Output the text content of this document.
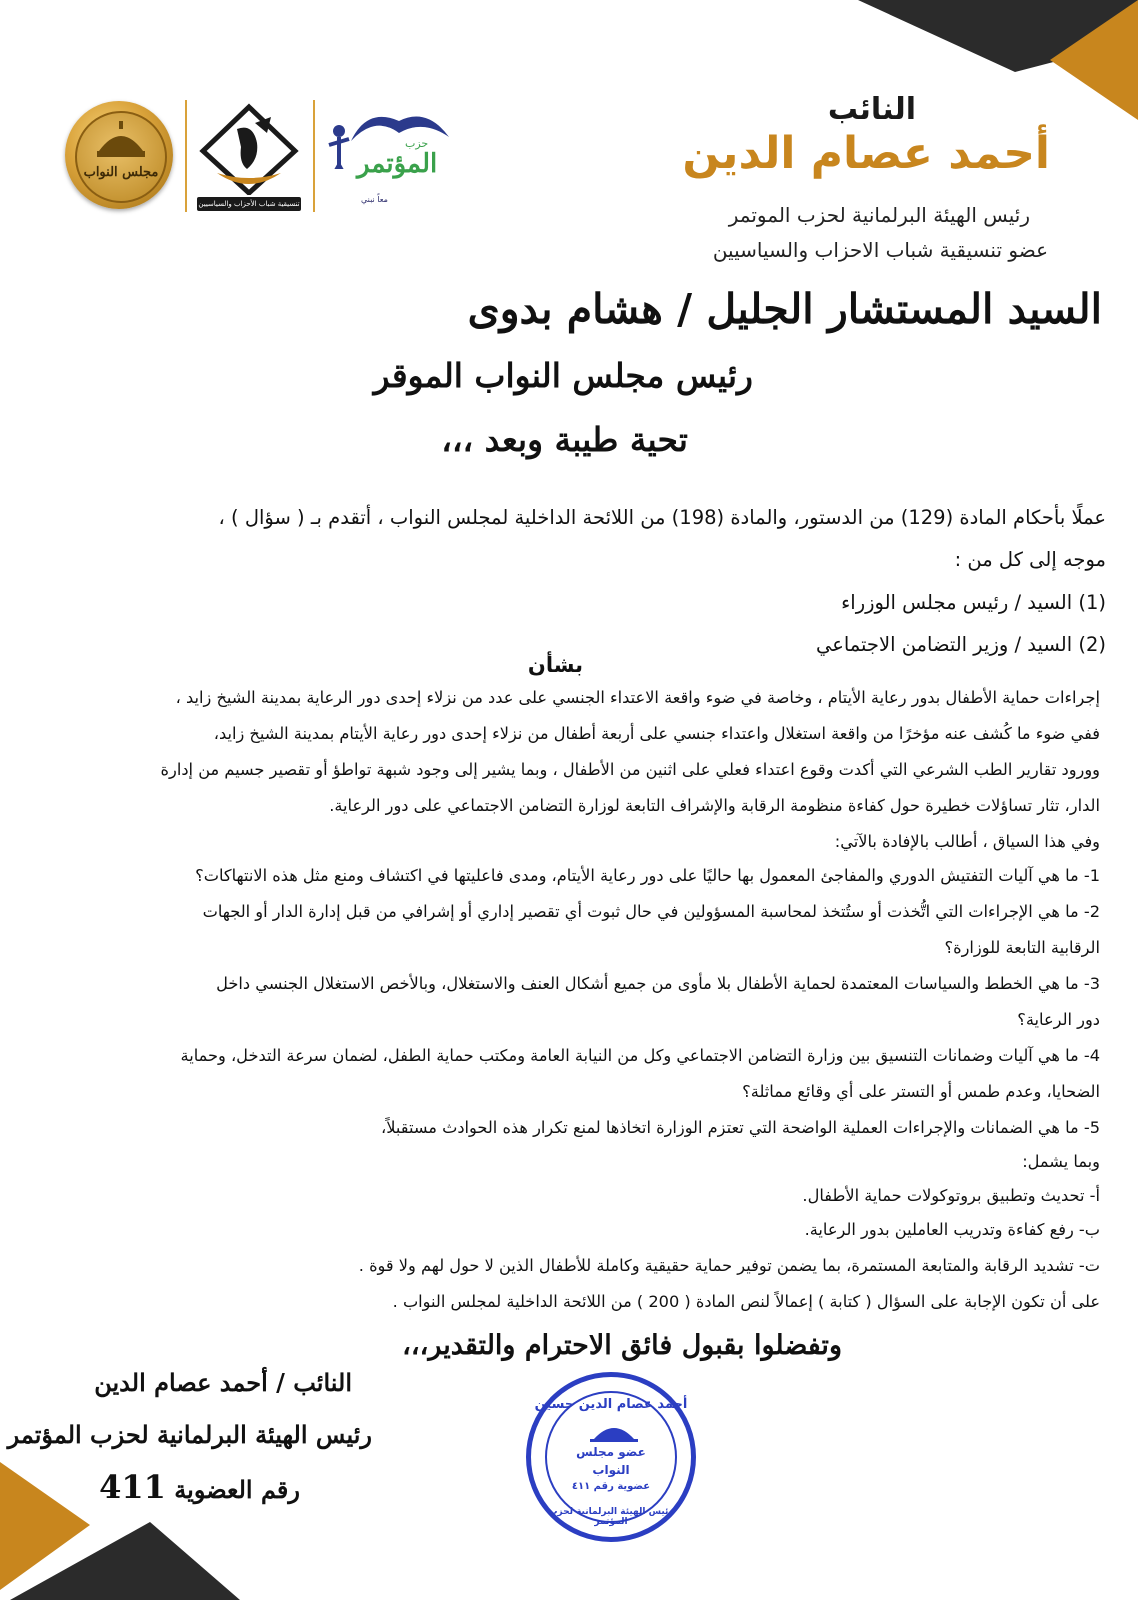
مجلس النواب
تنسيقية شباب الأحزاب والسياسيين
حزب
المؤتمر
معاً نبني
النائب
أحمد عصام الدين
رئيس الهيئة البرلمانية لحزب الموتمر
عضو تنسيقية شباب الاحزاب والسياسيين
السيد المستشار الجليل / هشام بدوى
رئيس مجلس النواب الموقر
تحية طيبة وبعد ،،،
عملًا بأحكام المادة (129) من الدستور، والمادة (198) من اللائحة الداخلية لمجلس النواب ، أتقدم بـ ( سؤال ) ،
موجه إلى كل من :
(1) السيد / رئيس مجلس الوزراء
(2) السيد / وزير التضامن الاجتماعي
بشأن
إجراءات حماية الأطفال بدور رعاية الأيتام ، وخاصة في ضوء واقعة الاعتداء الجنسي على عدد من نزلاء إحدى دور الرعاية بمدينة الشيخ زايد ،
ففي ضوء ما كُشف عنه مؤخرًا من واقعة استغلال واعتداء جنسي على أربعة أطفال من نزلاء إحدى دور رعاية الأيتام بمدينة الشيخ زايد،
وورود تقارير الطب الشرعي التي أكدت وقوع اعتداء فعلي على اثنين من الأطفال ، وبما يشير إلى وجود شبهة تواطؤ أو تقصير جسيم من إدارة
الدار، تثار تساؤلات خطيرة حول كفاءة منظومة الرقابة والإشراف التابعة لوزارة التضامن الاجتماعي على دور الرعاية.
وفي هذا السياق ، أطالب بالإفادة بالآتي:
1- ما هي آليات التفتيش الدوري والمفاجئ المعمول بها حاليًا على دور رعاية الأيتام، ومدى فاعليتها في اكتشاف ومنع مثل هذه الانتهاكات؟
2- ما هي الإجراءات التي اتُّخذت أو ستُتخذ لمحاسبة المسؤولين في حال ثبوت أي تقصير إداري أو إشرافي من قبل إدارة الدار أو الجهات
الرقابية التابعة للوزارة؟
3- ما هي الخطط والسياسات المعتمدة لحماية الأطفال بلا مأوى من جميع أشكال العنف والاستغلال، وبالأخص الاستغلال الجنسي داخل
دور الرعاية؟
4- ما هي آليات وضمانات التنسيق بين وزارة التضامن الاجتماعي وكل من النيابة العامة ومكتب حماية الطفل، لضمان سرعة التدخل، وحماية
الضحايا، وعدم طمس أو التستر على أي وقائع مماثلة؟
5- ما هي الضمانات والإجراءات العملية الواضحة التي تعتزم الوزارة اتخاذها لمنع تكرار هذه الحوادث مستقبلاً،
وبما يشمل:
أ- تحديث وتطبيق بروتوكولات حماية الأطفال.
ب- رفع كفاءة وتدريب العاملين بدور الرعاية.
ت- تشديد الرقابة والمتابعة المستمرة، بما يضمن توفير حماية حقيقية وكاملة للأطفال الذين لا حول لهم ولا قوة .
على أن تكون الإجابة على السؤال ( كتابة ) إعمالاً لنص المادة ( 200 ) من اللائحة الداخلية لمجلس النواب .
وتفضلوا بقبول فائق الاحترام والتقدير،،،
النائب / أحمد عصام الدين
رئيس الهيئة البرلمانية لحزب المؤتمر
رقم العضوية 411
أحمد عصام الدين حسين
عضو مجلس
النواب
عضوية رقم ٤١١
رئيس الهيئة البرلمانية لحزب المؤتمر
